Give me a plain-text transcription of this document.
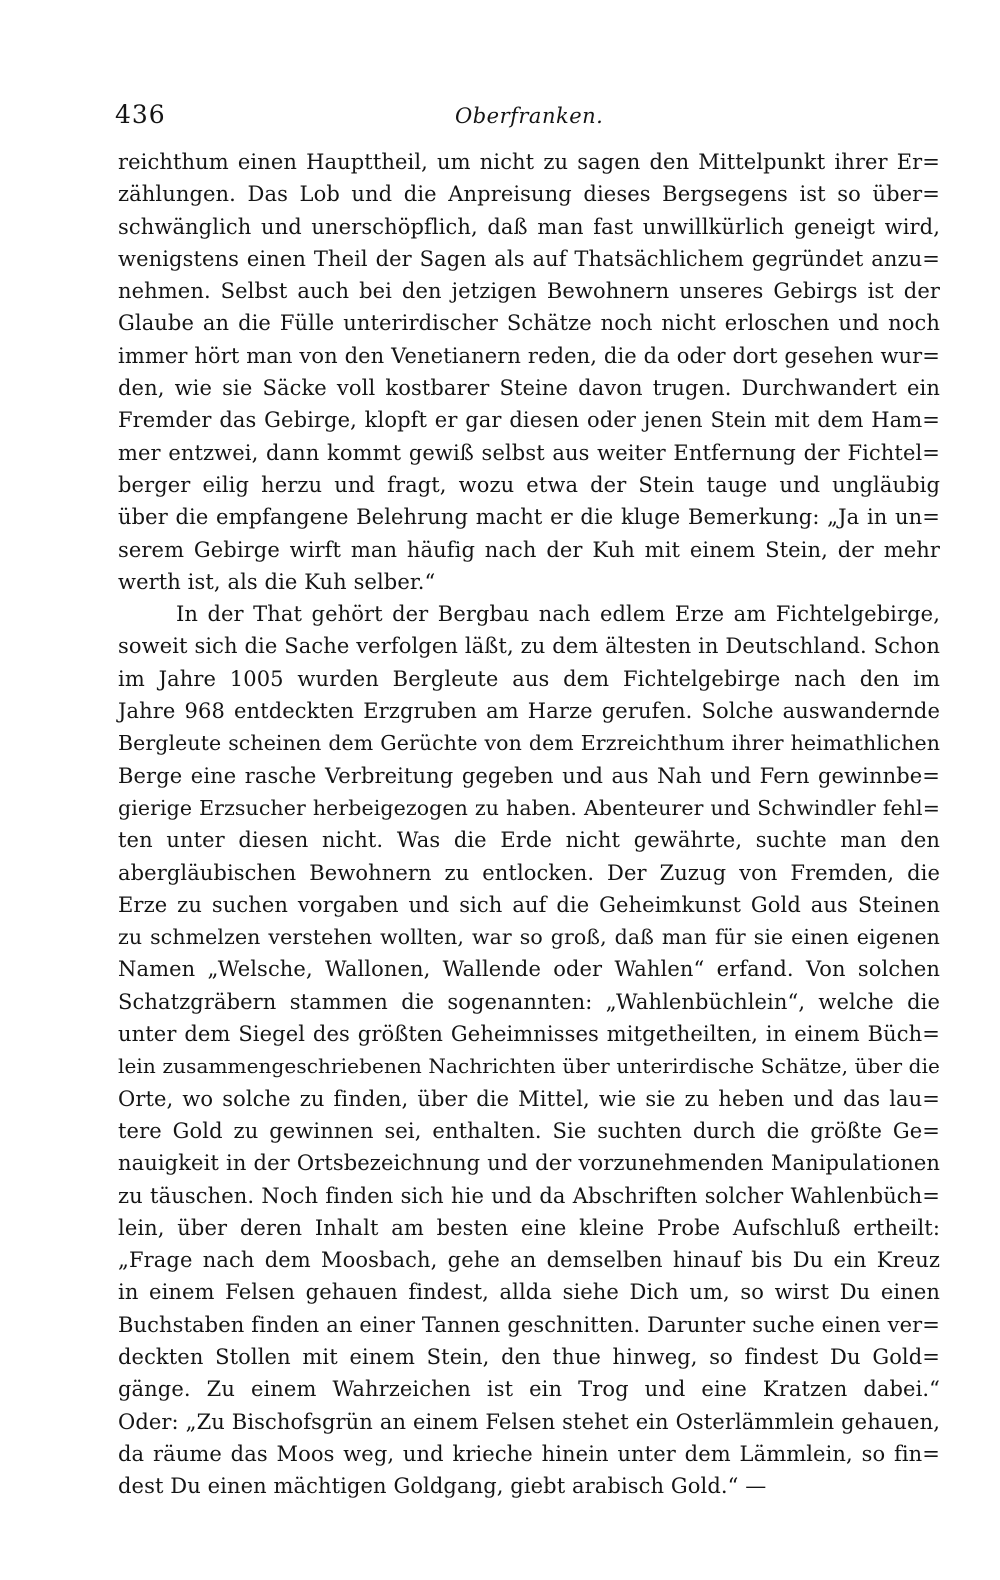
436	Oberfranken.
reichthum einen Haupttheil, um nicht zu sagen den Mittelpunkt ihrer Er=
zählungen. Das Lob und die Anpreisung dieses Bergsegens ist so über=
schwänglich und unerschöpflich, daß man fast unwillkürlich geneigt wird,
wenigstens einen Theil der Sagen als auf Thatsächlichem gegründet anzu=
nehmen. Selbst auch bei den jetzigen Bewohnern unseres Gebirgs ist der
Glaube an die Fülle unterirdischer Schätze noch nicht erloschen und noch
immer hört man von den Venetianern reden, die da oder dort gesehen wur=
den, wie sie Säcke voll kostbarer Steine davon trugen. Durchwandert ein
Fremder das Gebirge, klopft er gar diesen oder jenen Stein mit dem Ham=
mer entzwei, dann kommt gewiß selbst aus weiter Entfernung der Fichtel=
berger eilig herzu und fragt, wozu etwa der Stein tauge und ungläubig
über die empfangene Belehrung macht er die kluge Bemerkung: „Ja in un=
serem Gebirge wirft man häufig nach der Kuh mit einem Stein, der mehr
werth ist, als die Kuh selber.“
In der That gehört der Bergbau nach edlem Erze am Fichtelgebirge,
soweit sich die Sache verfolgen läßt, zu dem ältesten in Deutschland. Schon
im Jahre 1005 wurden Bergleute aus dem Fichtelgebirge nach den im
Jahre 968 entdeckten Erzgruben am Harze gerufen. Solche auswandernde
Bergleute scheinen dem Gerüchte von dem Erzreichthum ihrer heimathlichen
Berge eine rasche Verbreitung gegeben und aus Nah und Fern gewinnbe=
gierige Erzsucher herbeigezogen zu haben. Abenteurer und Schwindler fehl=
ten unter diesen nicht. Was die Erde nicht gewährte, suchte man den
abergläubischen Bewohnern zu entlocken. Der Zuzug von Fremden, die
Erze zu suchen vorgaben und sich auf die Geheimkunst Gold aus Steinen
zu schmelzen verstehen wollten, war so groß, daß man für sie einen eigenen
Namen „Welsche, Wallonen, Wallende oder Wahlen“ erfand. Von solchen
Schatzgräbern stammen die sogenannten: „Wahlenbüchlein“, welche die
unter dem Siegel des größten Geheimnisses mitgetheilten, in einem Büch=
lein zusammengeschriebenen Nachrichten über unterirdische Schätze, über die
Orte, wo solche zu finden, über die Mittel, wie sie zu heben und das lau=
tere Gold zu gewinnen sei, enthalten. Sie suchten durch die größte Ge=
nauigkeit in der Ortsbezeichnung und der vorzunehmenden Manipulationen
zu täuschen. Noch finden sich hie und da Abschriften solcher Wahlenbüch=
lein, über deren Inhalt am besten eine kleine Probe Aufschluß ertheilt:
„Frage nach dem Moosbach, gehe an demselben hinauf bis Du ein Kreuz
in einem Felsen gehauen findest, allda siehe Dich um, so wirst Du einen
Buchstaben finden an einer Tannen geschnitten. Darunter suche einen ver=
deckten Stollen mit einem Stein, den thue hinweg, so findest Du Gold=
gänge. Zu einem Wahrzeichen ist ein Trog und eine Kratzen dabei.“
Oder: „Zu Bischofsgrün an einem Felsen stehet ein Osterlämmlein gehauen,
da räume das Moos weg, und krieche hinein unter dem Lämmlein, so fin=
dest Du einen mächtigen Goldgang, giebt arabisch Gold.“ —
